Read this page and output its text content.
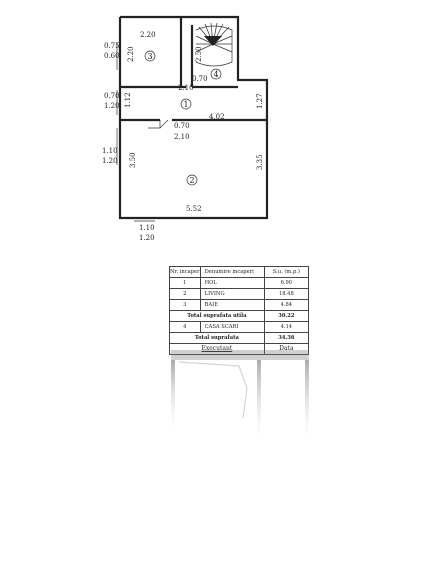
3
4
1
2
2.20
0.75
0.60 2.20
0.70
2.10
2.50
0.70
1.20 1.12	1.27
4.02
0.70
2.10
1.10
1.20 3.50	3.35
5.52
1.10
1.20
Nr. incaper	Denumire incaperi	S.u. (m.p.)
1	HOL	6.90
2	LIVING	18.48
3	BAIE	4.84
Total suprafata utila		30.22
4	CASA SCARI	4.14
Total suprafata		34.36
Executant		Data
